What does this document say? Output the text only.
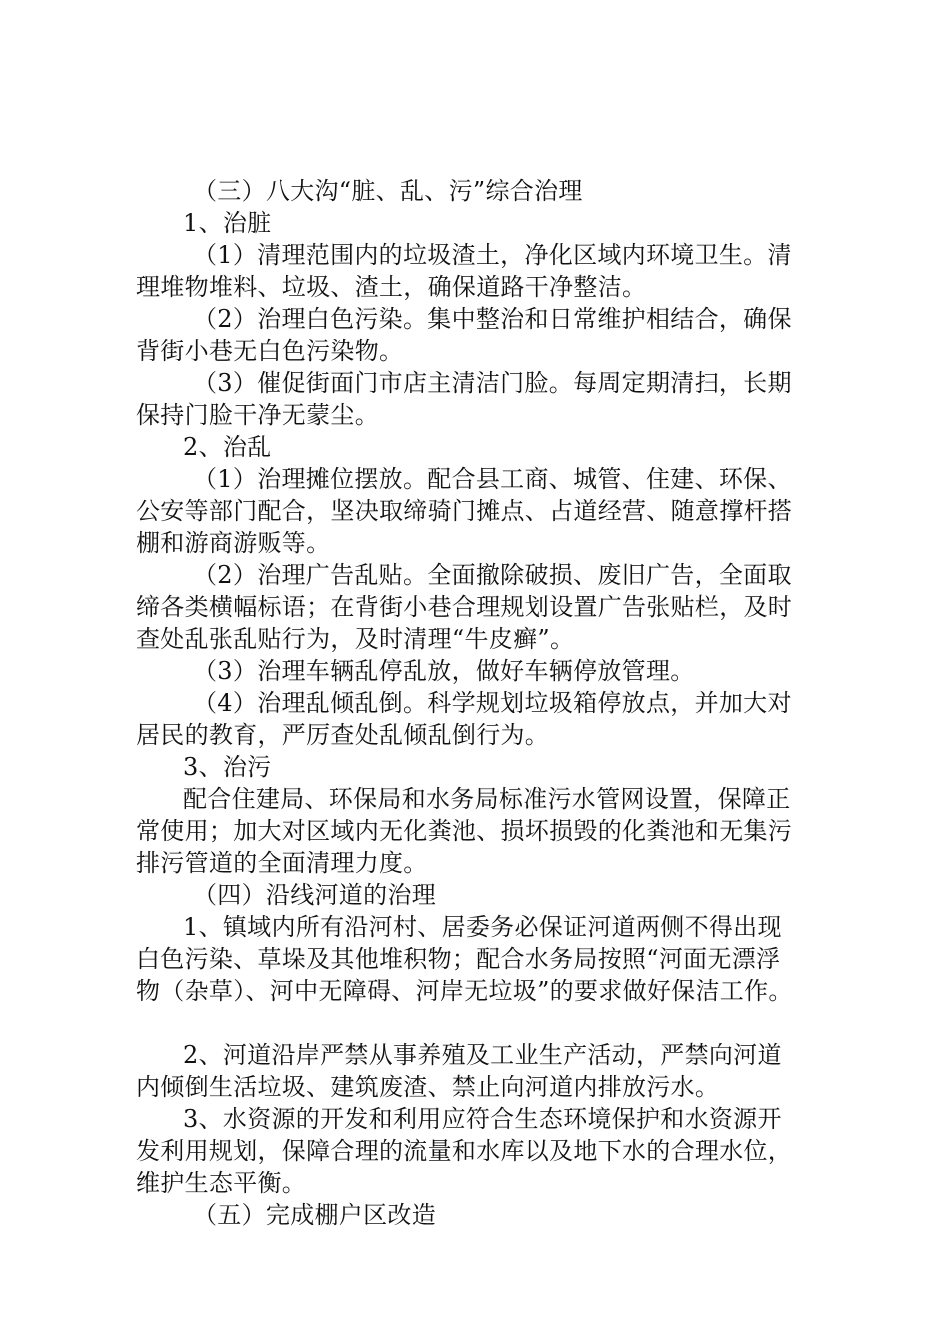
（三）八大沟“脏、乱、污”综合治理
1、治脏
（1）清理范围内的垃圾渣土，净化区域内环境卫生。清
理堆物堆料、垃圾、渣土，确保道路干净整洁。
（2）治理白色污染。集中整治和日常维护相结合，确保
背街小巷无白色污染物。
（3）催促街面门市店主清洁门脸。每周定期清扫，长期
保持门脸干净无蒙尘。
2、治乱
（1）治理摊位摆放。配合县工商、城管、住建、环保、
公安等部门配合，坚决取缔骑门摊点、占道经营、随意撑杆搭
棚和游商游贩等。
（2）治理广告乱贴。全面撤除破损、废旧广告，全面取
缔各类横幅标语；在背街小巷合理规划设置广告张贴栏，及时
查处乱张乱贴行为，及时清理“牛皮癣”。
（3）治理车辆乱停乱放，做好车辆停放管理。
（4）治理乱倾乱倒。科学规划垃圾箱停放点，并加大对
居民的教育，严厉查处乱倾乱倒行为。
3、治污
配合住建局、环保局和水务局标准污水管网设置，保障正
常使用；加大对区域内无化粪池、损坏损毁的化粪池和无集污
排污管道的全面清理力度。
（四）沿线河道的治理
1、镇域内所有沿河村、居委务必保证河道两侧不得出现
白色污染、草垛及其他堆积物；配合水务局按照“河面无漂浮
物（杂草）、河中无障碍、河岸无垃圾”的要求做好保洁工作。
2、河道沿岸严禁从事养殖及工业生产活动，严禁向河道
内倾倒生活垃圾、建筑废渣、禁止向河道内排放污水。
3、水资源的开发和利用应符合生态环境保护和水资源开
发利用规划，保障合理的流量和水库以及地下水的合理水位，
维护生态平衡。
（五）完成棚户区改造
